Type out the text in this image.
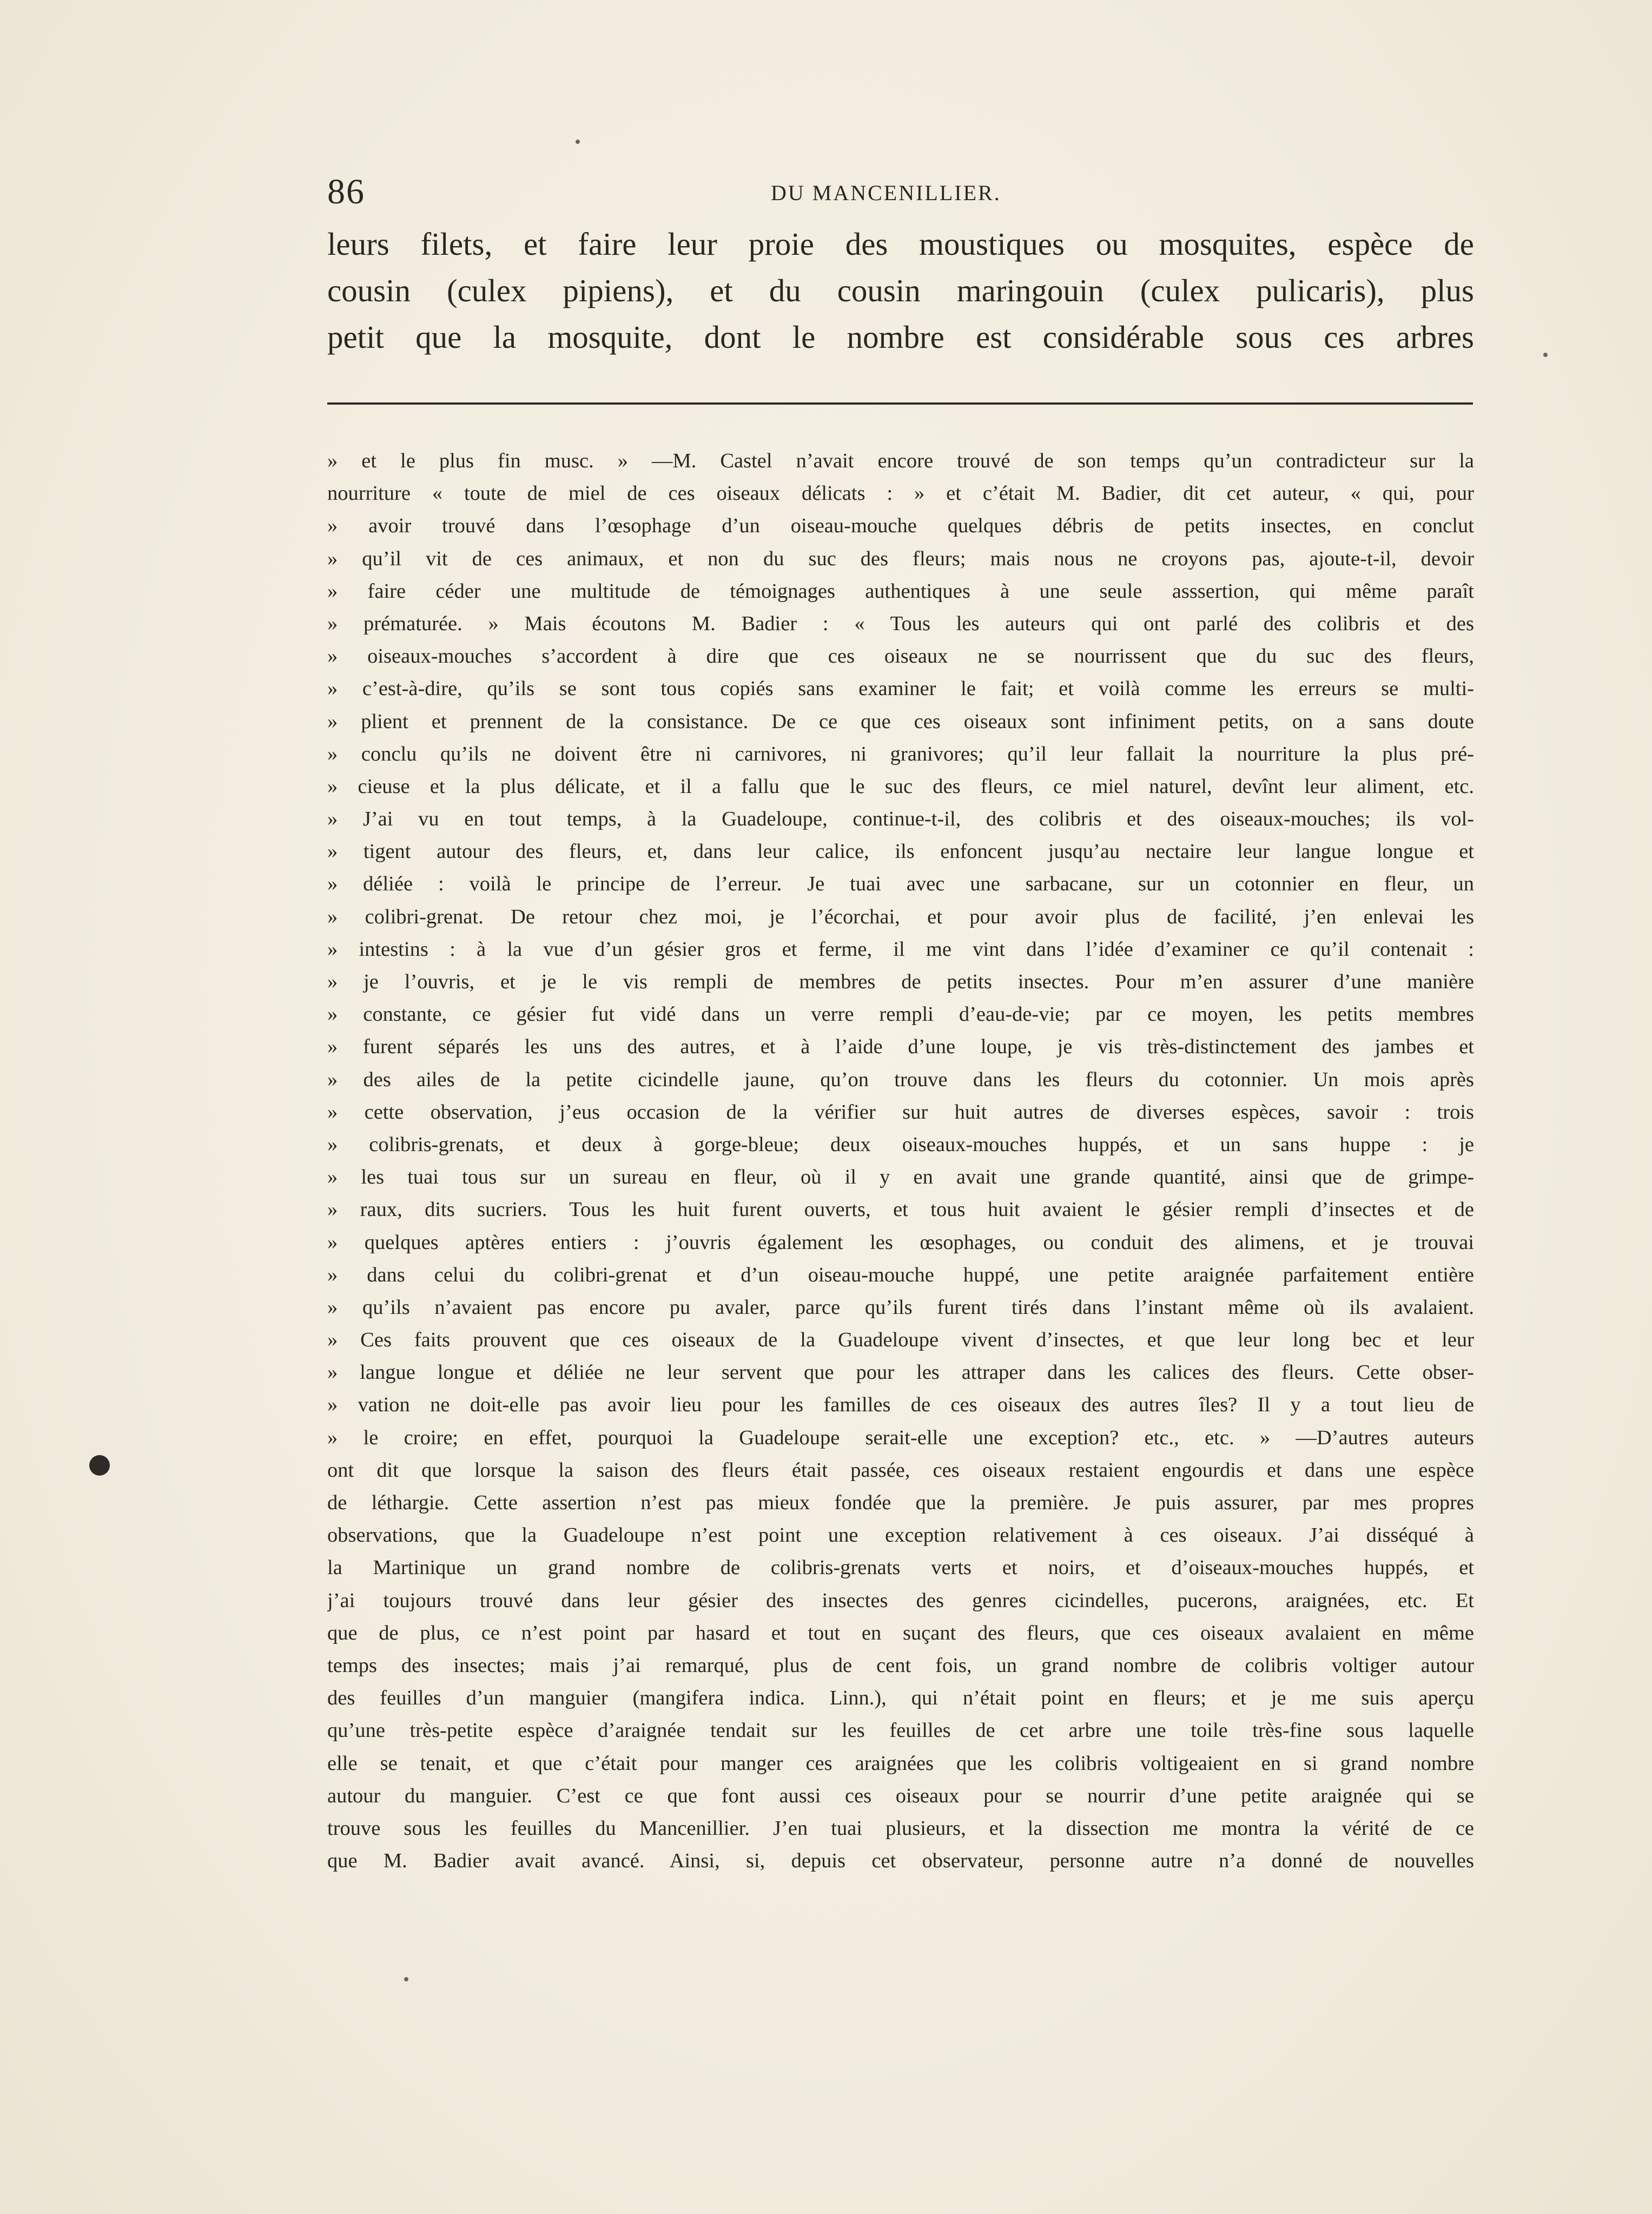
86	DU MANCENILLIER.
leurs filets, et faire leur proie des moustiques ou mosquites, espèce de
cousin (culex pipiens), et du cousin maringouin (culex pulicaris), plus
petit que la mosquite, dont le nombre est considérable sous ces arbres
» et le plus fin musc. » —M. Castel n’avait encore trouvé de son temps qu’un contradicteur sur la
nourriture « toute de miel de ces oiseaux délicats : » et c’était M. Badier, dit cet auteur, « qui, pour
» avoir trouvé dans l’œsophage d’un oiseau-mouche quelques débris de petits insectes, en conclut
» qu’il vit de ces animaux, et non du suc des fleurs; mais nous ne croyons pas, ajoute-t-il, devoir
» faire céder une multitude de témoignages authentiques à une seule asssertion, qui même paraît
» prématurée. » Mais écoutons M. Badier : « Tous les auteurs qui ont parlé des colibris et des
» oiseaux-mouches s’accordent à dire que ces oiseaux ne se nourrissent que du suc des fleurs,
» c’est-à-dire, qu’ils se sont tous copiés sans examiner le fait; et voilà comme les erreurs se multi-
» plient et prennent de la consistance. De ce que ces oiseaux sont infiniment petits, on a sans doute
» conclu qu’ils ne doivent être ni carnivores, ni granivores; qu’il leur fallait la nourriture la plus pré-
» cieuse et la plus délicate, et il a fallu que le suc des fleurs, ce miel naturel, devînt leur aliment, etc.
» J’ai vu en tout temps, à la Guadeloupe, continue-t-il, des colibris et des oiseaux-mouches; ils vol-
» tigent autour des fleurs, et, dans leur calice, ils enfoncent jusqu’au nectaire leur langue longue et
» déliée : voilà le principe de l’erreur. Je tuai avec une sarbacane, sur un cotonnier en fleur, un
» colibri-grenat. De retour chez moi, je l’écorchai, et pour avoir plus de facilité, j’en enlevai les
» intestins : à la vue d’un gésier gros et ferme, il me vint dans l’idée d’examiner ce qu’il contenait :
» je l’ouvris, et je le vis rempli de membres de petits insectes. Pour m’en assurer d’une manière
» constante, ce gésier fut vidé dans un verre rempli d’eau-de-vie; par ce moyen, les petits membres
» furent séparés les uns des autres, et à l’aide d’une loupe, je vis très-distinctement des jambes et
» des ailes de la petite cicindelle jaune, qu’on trouve dans les fleurs du cotonnier. Un mois après
» cette observation, j’eus occasion de la vérifier sur huit autres de diverses espèces, savoir : trois
» colibris-grenats, et deux à gorge-bleue; deux oiseaux-mouches huppés, et un sans huppe : je
» les tuai tous sur un sureau en fleur, où il y en avait une grande quantité, ainsi que de grimpe-
» raux, dits sucriers. Tous les huit furent ouverts, et tous huit avaient le gésier rempli d’insectes et de
» quelques aptères entiers : j’ouvris également les œsophages, ou conduit des alimens, et je trouvai
» dans celui du colibri-grenat et d’un oiseau-mouche huppé, une petite araignée parfaitement entière
» qu’ils n’avaient pas encore pu avaler, parce qu’ils furent tirés dans l’instant même où ils avalaient.
» Ces faits prouvent que ces oiseaux de la Guadeloupe vivent d’insectes, et que leur long bec et leur
» langue longue et déliée ne leur servent que pour les attraper dans les calices des fleurs. Cette obser-
» vation ne doit-elle pas avoir lieu pour les familles de ces oiseaux des autres îles? Il y a tout lieu de
» le croire; en effet, pourquoi la Guadeloupe serait-elle une exception? etc., etc. » —D’autres auteurs
ont dit que lorsque la saison des fleurs était passée, ces oiseaux restaient engourdis et dans une espèce
de léthargie. Cette assertion n’est pas mieux fondée que la première. Je puis assurer, par mes propres
observations, que la Guadeloupe n’est point une exception relativement à ces oiseaux. J’ai disséqué à
la Martinique un grand nombre de colibris-grenats verts et noirs, et d’oiseaux-mouches huppés, et
j’ai toujours trouvé dans leur gésier des insectes des genres cicindelles, pucerons, araignées, etc. Et
que de plus, ce n’est point par hasard et tout en suçant des fleurs, que ces oiseaux avalaient en même
temps des insectes; mais j’ai remarqué, plus de cent fois, un grand nombre de colibris voltiger autour
des feuilles d’un manguier (mangifera indica. Linn.), qui n’était point en fleurs; et je me suis aperçu
qu’une très-petite espèce d’araignée tendait sur les feuilles de cet arbre une toile très-fine sous laquelle
elle se tenait, et que c’était pour manger ces araignées que les colibris voltigeaient en si grand nombre
autour du manguier. C’est ce que font aussi ces oiseaux pour se nourrir d’une petite araignée qui se
trouve sous les feuilles du Mancenillier. J’en tuai plusieurs, et la dissection me montra la vérité de ce
que M. Badier avait avancé. Ainsi, si, depuis cet observateur, personne autre n’a donné de nouvelles
